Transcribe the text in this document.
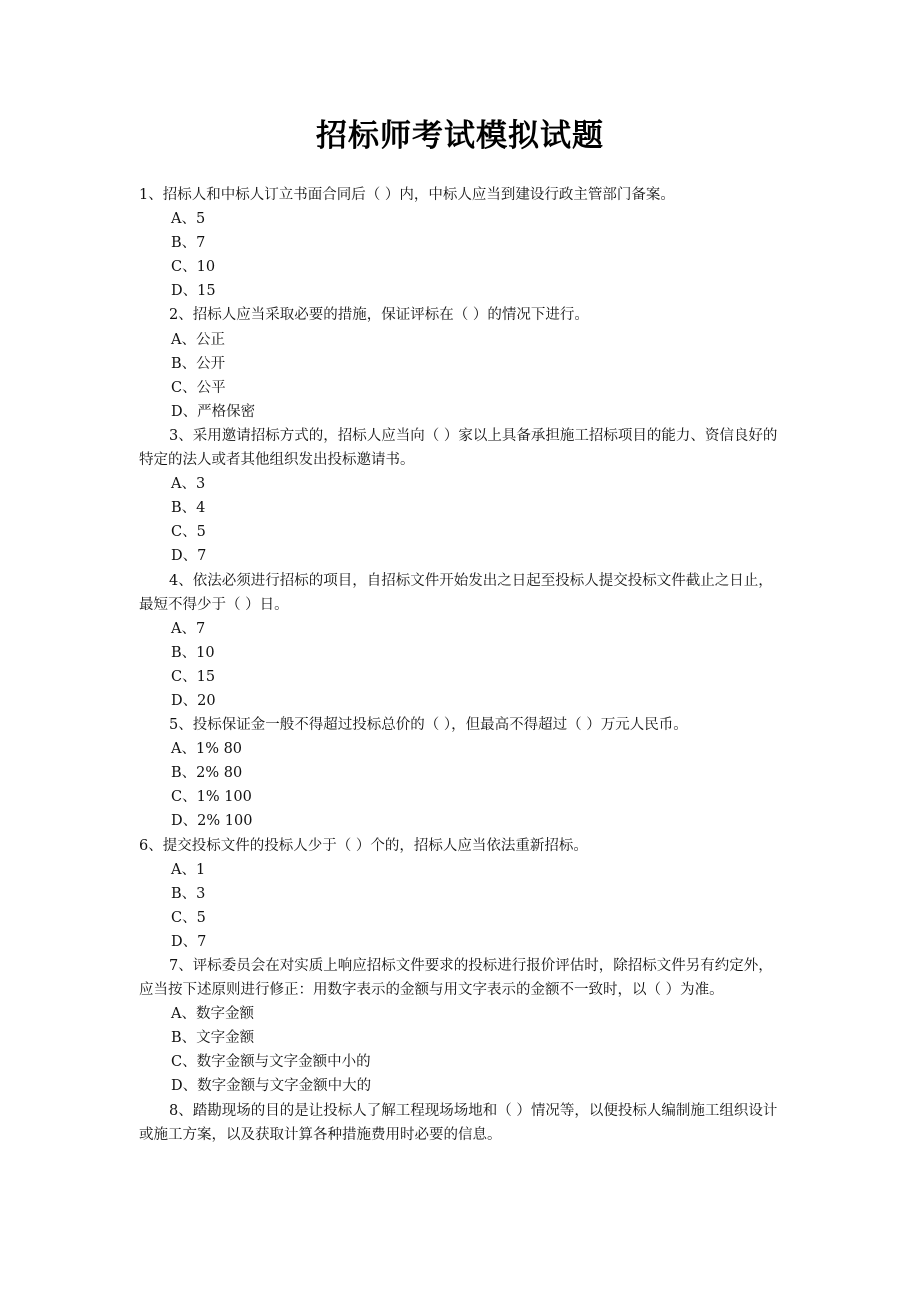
招标师考试模拟试题

1、招标人和中标人订立书面合同后（ ）内，中标人应当到建设行政主管部门备案。

A、5

B、7

C、10

D、15

2、招标人应当采取必要的措施，保证评标在（ ）的情况下进行。

A、公正

B、公开

C、公平

D、严格保密

3、采用邀请招标方式的，招标人应当向（ ）家以上具备承担施工招标项目的能力、资信良好的特定的法人或者其他组织发出投标邀请书。

A、3

B、4

C、5

D、7

4、依法必须进行招标的项目，自招标文件开始发出之日起至投标人提交投标文件截止之日止，最短不得少于（ ）日。

A、7

B、10

C、15

D、20

5、投标保证金一般不得超过投标总价的（ ），但最高不得超过（ ）万元人民币。

A、1% 80

B、2% 80

C、1% 100

D、2% 100

6、提交投标文件的投标人少于（ ）个的，招标人应当依法重新招标。

A、1

B、3

C、5

D、7

7、评标委员会在对实质上响应招标文件要求的投标进行报价评估时，除招标文件另有约定外，应当按下述原则进行修正：用数字表示的金额与用文字表示的金额不一致时，以（ ）为准。

A、数字金额

B、文字金额

C、数字金额与文字金额中小的

D、数字金额与文字金额中大的

8、踏勘现场的目的是让投标人了解工程现场场地和（ ）情况等，以便投标人编制施工组织设计或施工方案，以及获取计算各种措施费用时必要的信息。
